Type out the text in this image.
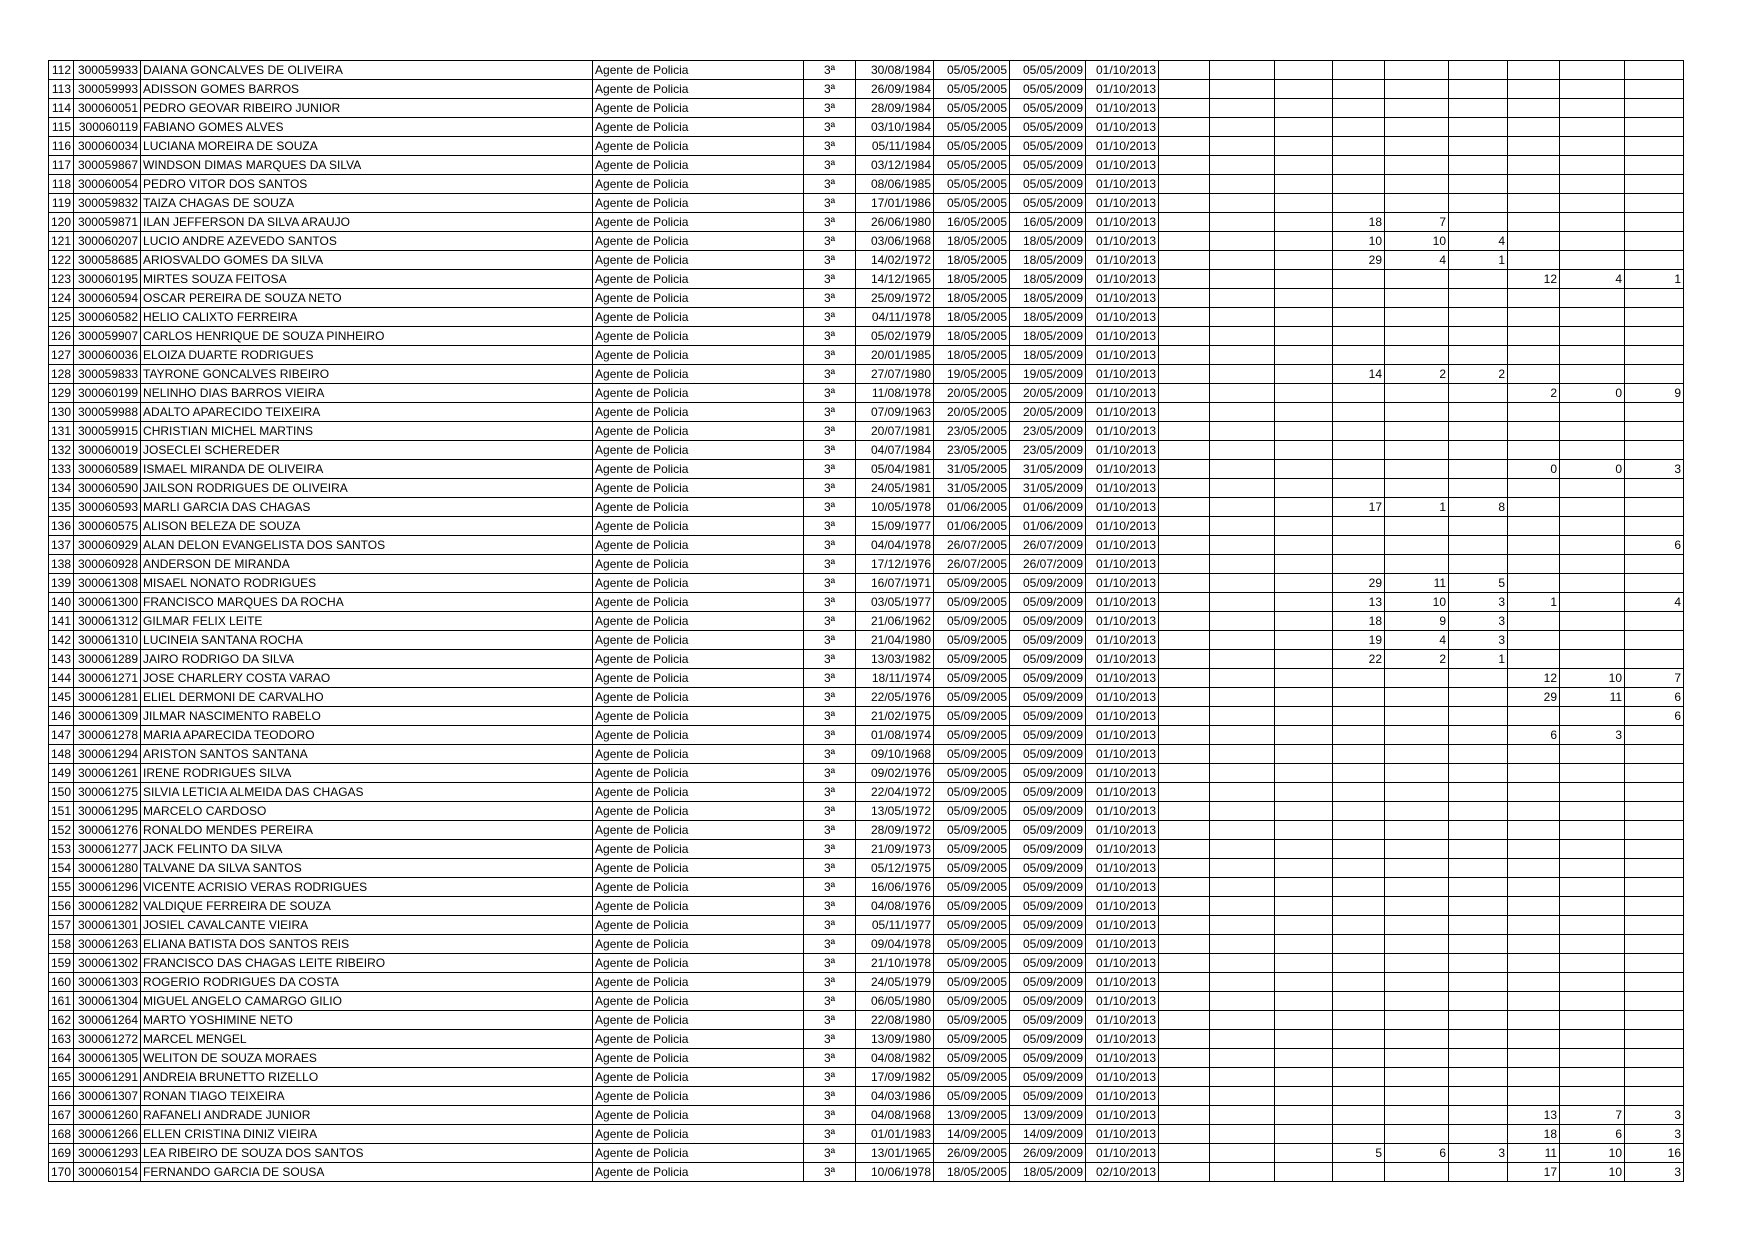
112	300059933	DAIANA GONCALVES DE OLIVEIRA	Agente de Policia	3ª	30/08/1984	05/05/2005	05/05/2009	01/10/2013									
113	300059993	ADISSON GOMES BARROS	Agente de Policia	3ª	26/09/1984	05/05/2005	05/05/2009	01/10/2013									
114	300060051	PEDRO GEOVAR RIBEIRO JUNIOR	Agente de Policia	3ª	28/09/1984	05/05/2005	05/05/2009	01/10/2013									
115	300060119	FABIANO GOMES ALVES	Agente de Policia	3ª	03/10/1984	05/05/2005	05/05/2009	01/10/2013									
116	300060034	LUCIANA MOREIRA DE SOUZA	Agente de Policia	3ª	05/11/1984	05/05/2005	05/05/2009	01/10/2013									
117	300059867	WINDSON DIMAS MARQUES DA SILVA	Agente de Policia	3ª	03/12/1984	05/05/2005	05/05/2009	01/10/2013									
118	300060054	PEDRO VITOR DOS SANTOS	Agente de Policia	3ª	08/06/1985	05/05/2005	05/05/2009	01/10/2013									
119	300059832	TAIZA CHAGAS DE SOUZA	Agente de Policia	3ª	17/01/1986	05/05/2005	05/05/2009	01/10/2013									
120	300059871	ILAN JEFFERSON DA SILVA ARAUJO	Agente de Policia	3ª	26/06/1980	16/05/2005	16/05/2009	01/10/2013				18	7				
121	300060207	LUCIO ANDRE AZEVEDO SANTOS	Agente de Policia	3ª	03/06/1968	18/05/2005	18/05/2009	01/10/2013				10	10	4			
122	300058685	ARIOSVALDO GOMES DA SILVA	Agente de Policia	3ª	14/02/1972	18/05/2005	18/05/2009	01/10/2013				29	4	1			
123	300060195	MIRTES SOUZA FEITOSA	Agente de Policia	3ª	14/12/1965	18/05/2005	18/05/2009	01/10/2013							12	4	1
124	300060594	OSCAR PEREIRA DE SOUZA NETO	Agente de Policia	3ª	25/09/1972	18/05/2005	18/05/2009	01/10/2013									
125	300060582	HELIO CALIXTO FERREIRA	Agente de Policia	3ª	04/11/1978	18/05/2005	18/05/2009	01/10/2013									
126	300059907	CARLOS HENRIQUE DE SOUZA PINHEIRO	Agente de Policia	3ª	05/02/1979	18/05/2005	18/05/2009	01/10/2013									
127	300060036	ELOIZA DUARTE RODRIGUES	Agente de Policia	3ª	20/01/1985	18/05/2005	18/05/2009	01/10/2013									
128	300059833	TAYRONE GONCALVES RIBEIRO	Agente de Policia	3ª	27/07/1980	19/05/2005	19/05/2009	01/10/2013				14	2	2			
129	300060199	NELINHO DIAS BARROS VIEIRA	Agente de Policia	3ª	11/08/1978	20/05/2005	20/05/2009	01/10/2013							2	0	9
130	300059988	ADALTO APARECIDO TEIXEIRA	Agente de Policia	3ª	07/09/1963	20/05/2005	20/05/2009	01/10/2013									
131	300059915	CHRISTIAN MICHEL MARTINS	Agente de Policia	3ª	20/07/1981	23/05/2005	23/05/2009	01/10/2013									
132	300060019	JOSECLEI SCHEREDER	Agente de Policia	3ª	04/07/1984	23/05/2005	23/05/2009	01/10/2013									
133	300060589	ISMAEL MIRANDA DE OLIVEIRA	Agente de Policia	3ª	05/04/1981	31/05/2005	31/05/2009	01/10/2013							0	0	3
134	300060590	JAILSON RODRIGUES DE OLIVEIRA	Agente de Policia	3ª	24/05/1981	31/05/2005	31/05/2009	01/10/2013									
135	300060593	MARLI GARCIA DAS CHAGAS	Agente de Policia	3ª	10/05/1978	01/06/2005	01/06/2009	01/10/2013				17	1	8			
136	300060575	ALISON BELEZA DE SOUZA	Agente de Policia	3ª	15/09/1977	01/06/2005	01/06/2009	01/10/2013									
137	300060929	ALAN DELON EVANGELISTA DOS SANTOS	Agente de Policia	3ª	04/04/1978	26/07/2005	26/07/2009	01/10/2013									6
138	300060928	ANDERSON DE MIRANDA	Agente de Policia	3ª	17/12/1976	26/07/2005	26/07/2009	01/10/2013									
139	300061308	MISAEL NONATO RODRIGUES	Agente de Policia	3ª	16/07/1971	05/09/2005	05/09/2009	01/10/2013				29	11	5			
140	300061300	FRANCISCO MARQUES DA ROCHA	Agente de Policia	3ª	03/05/1977	05/09/2005	05/09/2009	01/10/2013				13	10	3	1		4
141	300061312	GILMAR FELIX LEITE	Agente de Policia	3ª	21/06/1962	05/09/2005	05/09/2009	01/10/2013				18	9	3			
142	300061310	LUCINEIA SANTANA ROCHA	Agente de Policia	3ª	21/04/1980	05/09/2005	05/09/2009	01/10/2013				19	4	3			
143	300061289	JAIRO RODRIGO DA SILVA	Agente de Policia	3ª	13/03/1982	05/09/2005	05/09/2009	01/10/2013				22	2	1			
144	300061271	JOSE CHARLERY COSTA VARAO	Agente de Policia	3ª	18/11/1974	05/09/2005	05/09/2009	01/10/2013							12	10	7
145	300061281	ELIEL DERMONI DE CARVALHO	Agente de Policia	3ª	22/05/1976	05/09/2005	05/09/2009	01/10/2013							29	11	6
146	300061309	JILMAR NASCIMENTO RABELO	Agente de Policia	3ª	21/02/1975	05/09/2005	05/09/2009	01/10/2013									6
147	300061278	MARIA APARECIDA TEODORO	Agente de Policia	3ª	01/08/1974	05/09/2005	05/09/2009	01/10/2013							6	3	
148	300061294	ARISTON SANTOS SANTANA	Agente de Policia	3ª	09/10/1968	05/09/2005	05/09/2009	01/10/2013									
149	300061261	IRENE RODRIGUES SILVA	Agente de Policia	3ª	09/02/1976	05/09/2005	05/09/2009	01/10/2013									
150	300061275	SILVIA LETICIA ALMEIDA DAS CHAGAS	Agente de Policia	3ª	22/04/1972	05/09/2005	05/09/2009	01/10/2013									
151	300061295	MARCELO CARDOSO	Agente de Policia	3ª	13/05/1972	05/09/2005	05/09/2009	01/10/2013									
152	300061276	RONALDO MENDES PEREIRA	Agente de Policia	3ª	28/09/1972	05/09/2005	05/09/2009	01/10/2013									
153	300061277	JACK FELINTO DA SILVA	Agente de Policia	3ª	21/09/1973	05/09/2005	05/09/2009	01/10/2013									
154	300061280	TALVANE DA SILVA SANTOS	Agente de Policia	3ª	05/12/1975	05/09/2005	05/09/2009	01/10/2013									
155	300061296	VICENTE ACRISIO VERAS RODRIGUES	Agente de Policia	3ª	16/06/1976	05/09/2005	05/09/2009	01/10/2013									
156	300061282	VALDIQUE FERREIRA DE SOUZA	Agente de Policia	3ª	04/08/1976	05/09/2005	05/09/2009	01/10/2013									
157	300061301	JOSIEL CAVALCANTE VIEIRA	Agente de Policia	3ª	05/11/1977	05/09/2005	05/09/2009	01/10/2013									
158	300061263	ELIANA BATISTA DOS SANTOS REIS	Agente de Policia	3ª	09/04/1978	05/09/2005	05/09/2009	01/10/2013									
159	300061302	FRANCISCO DAS CHAGAS LEITE RIBEIRO	Agente de Policia	3ª	21/10/1978	05/09/2005	05/09/2009	01/10/2013									
160	300061303	ROGERIO RODRIGUES DA COSTA	Agente de Policia	3ª	24/05/1979	05/09/2005	05/09/2009	01/10/2013									
161	300061304	MIGUEL ANGELO CAMARGO GILIO	Agente de Policia	3ª	06/05/1980	05/09/2005	05/09/2009	01/10/2013									
162	300061264	MARTO YOSHIMINE NETO	Agente de Policia	3ª	22/08/1980	05/09/2005	05/09/2009	01/10/2013									
163	300061272	MARCEL MENGEL	Agente de Policia	3ª	13/09/1980	05/09/2005	05/09/2009	01/10/2013									
164	300061305	WELITON DE SOUZA MORAES	Agente de Policia	3ª	04/08/1982	05/09/2005	05/09/2009	01/10/2013									
165	300061291	ANDREIA BRUNETTO RIZELLO	Agente de Policia	3ª	17/09/1982	05/09/2005	05/09/2009	01/10/2013									
166	300061307	RONAN TIAGO TEIXEIRA	Agente de Policia	3ª	04/03/1986	05/09/2005	05/09/2009	01/10/2013									
167	300061260	RAFANELI ANDRADE JUNIOR	Agente de Policia	3ª	04/08/1968	13/09/2005	13/09/2009	01/10/2013							13	7	3
168	300061266	ELLEN CRISTINA DINIZ VIEIRA	Agente de Policia	3ª	01/01/1983	14/09/2005	14/09/2009	01/10/2013							18	6	3
169	300061293	LEA RIBEIRO DE SOUZA DOS SANTOS	Agente de Policia	3ª	13/01/1965	26/09/2005	26/09/2009	01/10/2013				5	6	3	11	10	16
170	300060154	FERNANDO GARCIA DE SOUSA	Agente de Policia	3ª	10/06/1978	18/05/2005	18/05/2009	02/10/2013							17	10	3
